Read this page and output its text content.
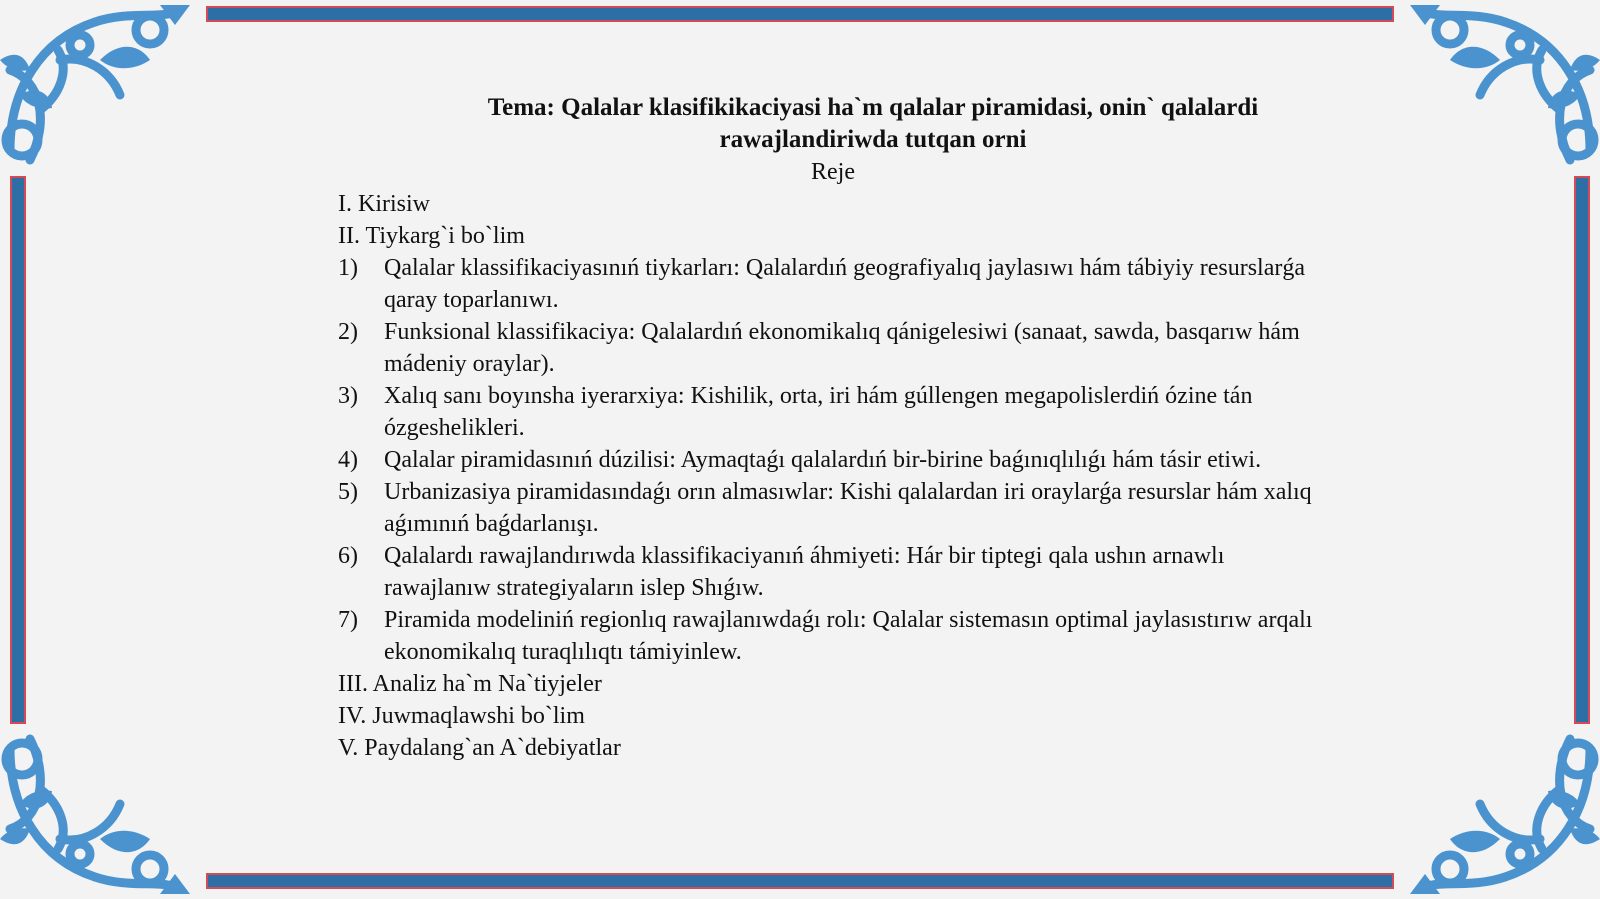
Tema: Qalalar klasifikikaciyasi ha`m qalalar piramidasi, onin` qalalardi
rawajlandiriwda tutqan orni
Reje
I. Kirisiw
II. Tiykarg`i bo`lim
1)	Qalalar klassifikaciyasınıń tiykarları: Qalalardıń geografiyalıq jaylasıwı hám tábiyiy resurslarǵa qaray toparlanıwı.
2)	Funksional klassifikaciya: Qalalardıń ekonomikalıq qánigelesiwi (sanaat, sawda, basqarıw hám mádeniy oraylar).
3)	Xalıq sanı boyınsha iyerarxiya: Kishilik, orta, iri hám gúllengen megapolislerdiń ózine tán ózgeshelikleri.
4)	Qalalar piramidasınıń dúzilisi: Aymaqtaǵı qalalardıń bir-birine baǵınıqlılıǵı hám tásir etiwi.
5)	Urbanizasiya piramidasındaǵı orın almasıwlar: Kishi qalalardan iri oraylarǵa resurslar hám xalıq aǵımınıń baǵdarlanışı.
6)	Qalalardı rawajlandırıwda klassifikaciyanıń áhmiyeti: Hár bir tiptegi qala ushın arnawlı rawajlanıw strategiyaların islep Shıǵıw.
7)	Piramida modeliniń regionlıq rawajlanıwdaǵı rolı: Qalalar sistemasın optimal jaylasıstırıw arqalı ekonomikalıq turaqlılıqtı támiyinlew.
III. Analiz ha`m Na`tiyjeler
IV. Juwmaqlawshi bo`lim
V. Paydalang`an A`debiyatlar
